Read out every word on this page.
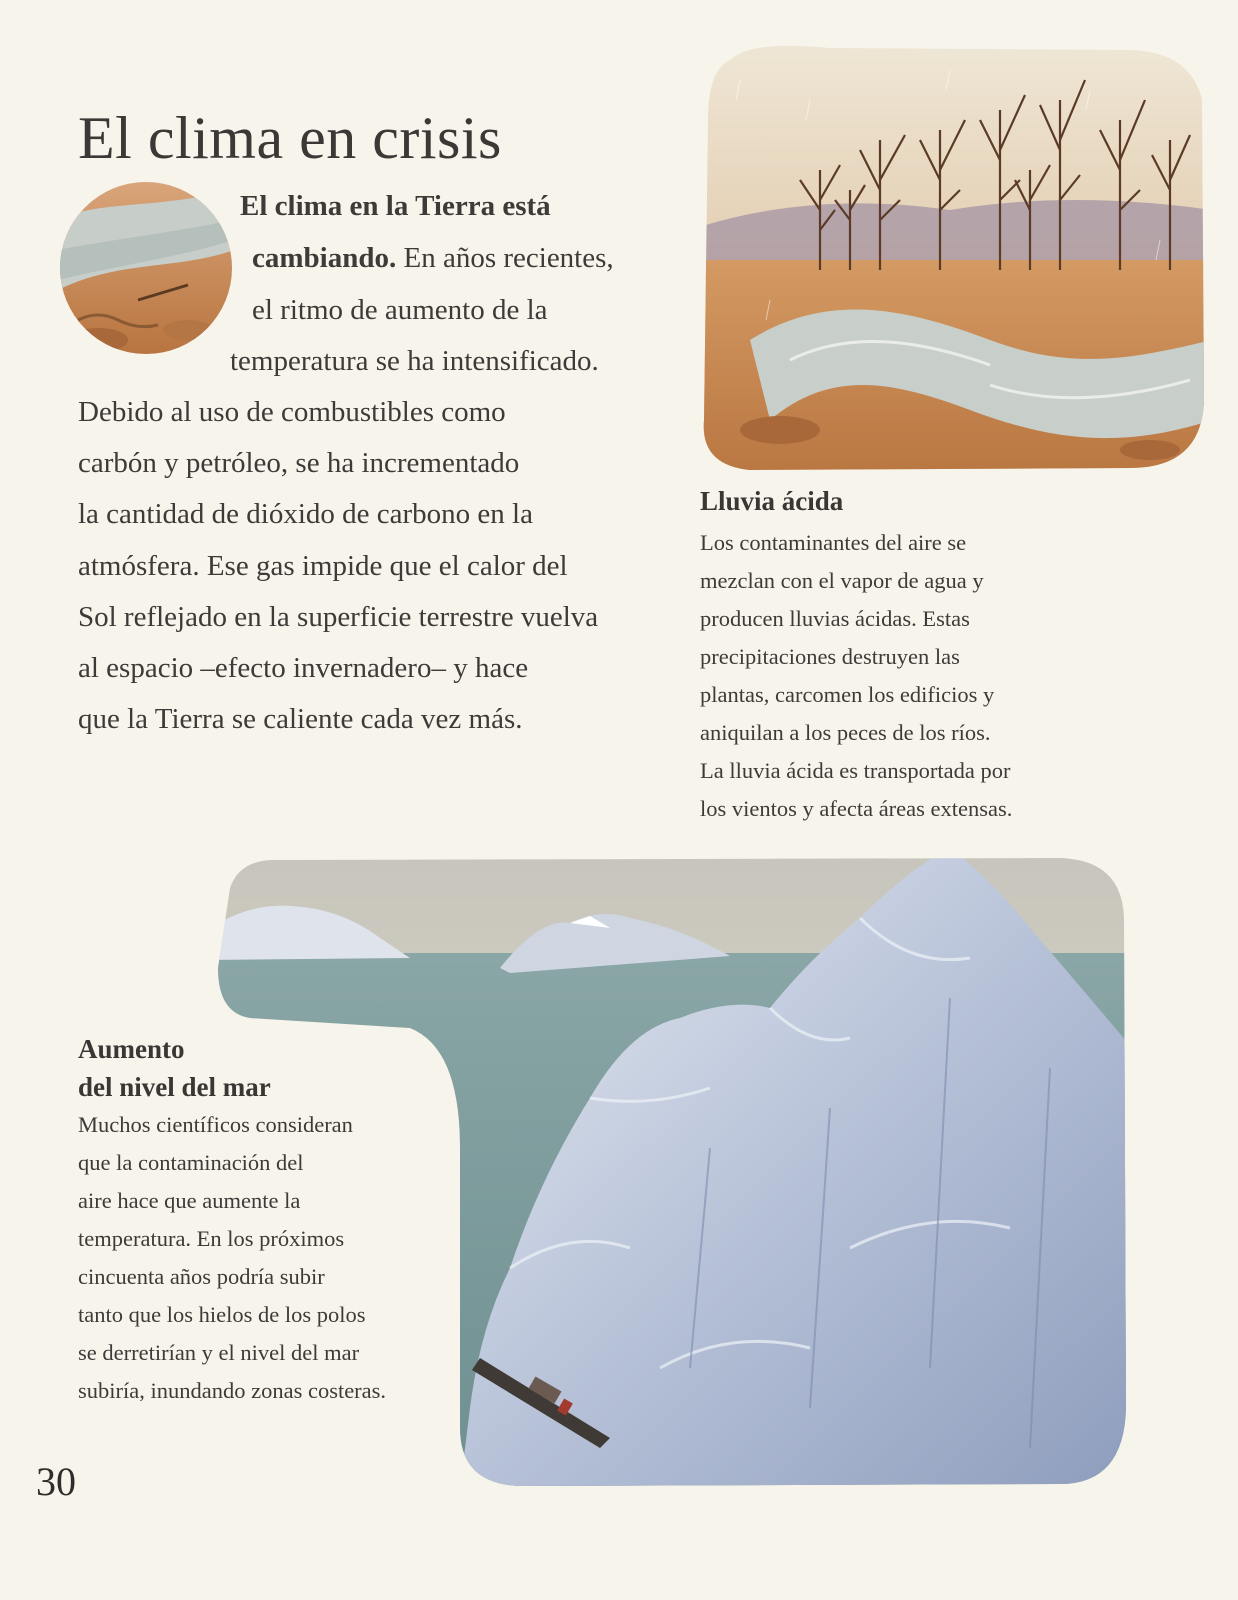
El clima en crisis
El clima en la Tierra está
cambiando. En años recientes,
el ritmo de aumento de la
temperatura se ha intensificado.
Debido al uso de combustibles como
carbón y petróleo, se ha incrementado
la cantidad de dióxido de carbono en la
atmósfera. Ese gas impide que el calor del
Sol reflejado en la superficie terrestre vuelva
al espacio –efecto invernadero– y hace
que la Tierra se caliente cada vez más.
Lluvia ácida
Los contaminantes del aire se
mezclan con el vapor de agua y
producen lluvias ácidas. Estas
precipitaciones destruyen las
plantas, carcomen los edificios y
aniquilan a los peces de los ríos.
La lluvia ácida es transportada por
los vientos y afecta áreas extensas.
Aumento
del nivel del mar
Muchos científicos consideran
que la contaminación del
aire hace que aumente la
temperatura. En los próximos
cincuenta años podría subir
tanto que los hielos de los polos
se derretirían y el nivel del mar
subiría, inundando zonas costeras.
30
